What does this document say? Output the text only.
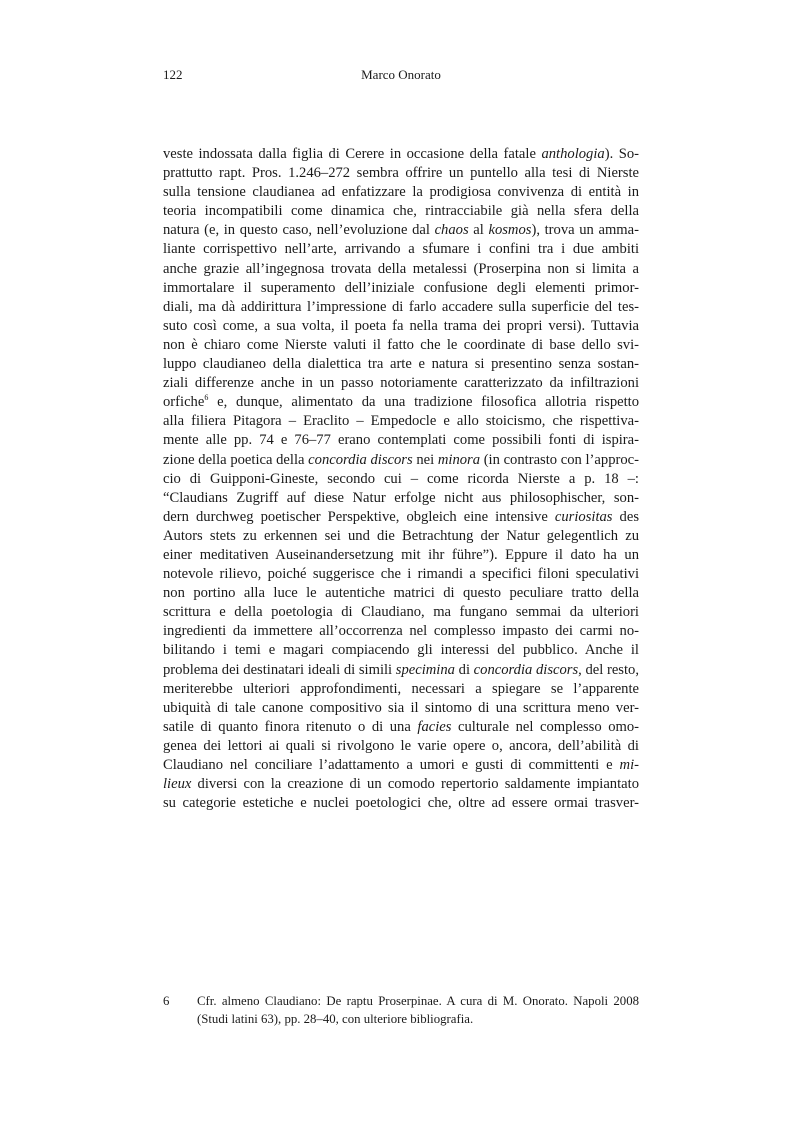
122	Marco Onorato
veste indossata dalla figlia di Cerere in occasione della fatale anthologia). So-
prattutto rapt. Pros. 1.246–272 sembra offrire un puntello alla tesi di Nierste
sulla tensione claudianea ad enfatizzare la prodigiosa convivenza di entità in
teoria incompatibili come dinamica che, rintracciabile già nella sfera della
natura (e, in questo caso, nell’evoluzione dal chaos al kosmos), trova un amma-
liante corrispettivo nell’arte, arrivando a sfumare i confini tra i due ambiti
anche grazie all’ingegnosa trovata della metalessi (Proserpina non si limita a
immortalare il superamento dell’iniziale confusione degli elementi primor-
diali, ma dà addirittura l’impressione di farlo accadere sulla superficie del tes-
suto così come, a sua volta, il poeta fa nella trama dei propri versi). Tuttavia
non è chiaro come Nierste valuti il fatto che le coordinate di base dello svi-
luppo claudianeo della dialettica tra arte e natura si presentino senza sostan-
ziali differenze anche in un passo notoriamente caratterizzato da infiltrazioni
orfiche$^6$ e, dunque, alimentato da una tradizione filosofica allotria rispetto
alla filiera Pitagora – Eraclito – Empedocle e allo stoicismo, che rispettiva-
mente alle pp. 74 e 76–77 erano contemplati come possibili fonti di ispira-
zione della poetica della concordia discors nei minora (in contrasto con l’approc-
cio di Guipponi-Gineste, secondo cui – come ricorda Nierste a p. 18 –:
“Claudians Zugriff auf diese Natur erfolge nicht aus philosophischer, son-
dern durchweg poetischer Perspektive, obgleich eine intensive curiositas des
Autors stets zu erkennen sei und die Betrachtung der Natur gelegentlich zu
einer meditativen Auseinandersetzung mit ihr führe”). Eppure il dato ha un
notevole rilievo, poiché suggerisce che i rimandi a specifici filoni speculativi
non portino alla luce le autentiche matrici di questo peculiare tratto della
scrittura e della poetologia di Claudiano, ma fungano semmai da ulteriori
ingredienti da immettere all’occorrenza nel complesso impasto dei carmi no-
bilitando i temi e magari compiacendo gli interessi del pubblico. Anche il
problema dei destinatari ideali di simili specimina di concordia discors, del resto,
meriterebbe ulteriori approfondimenti, necessari a spiegare se l’apparente
ubiquità di tale canone compositivo sia il sintomo di una scrittura meno ver-
satile di quanto finora ritenuto o di una facies culturale nel complesso omo-
genea dei lettori ai quali si rivolgono le varie opere o, ancora, dell’abilità di
Claudiano nel conciliare l’adattamento a umori e gusti di committenti e mi-
lieux diversi con la creazione di un comodo repertorio saldamente impiantato
su categorie estetiche e nuclei poetologici che, oltre ad essere ormai trasver-
6 Cfr. almeno Claudiano: De raptu Proserpinae. A cura di M. Onorato. Napoli 2008
(Studi latini 63), pp. 28–40, con ulteriore bibliografia.
